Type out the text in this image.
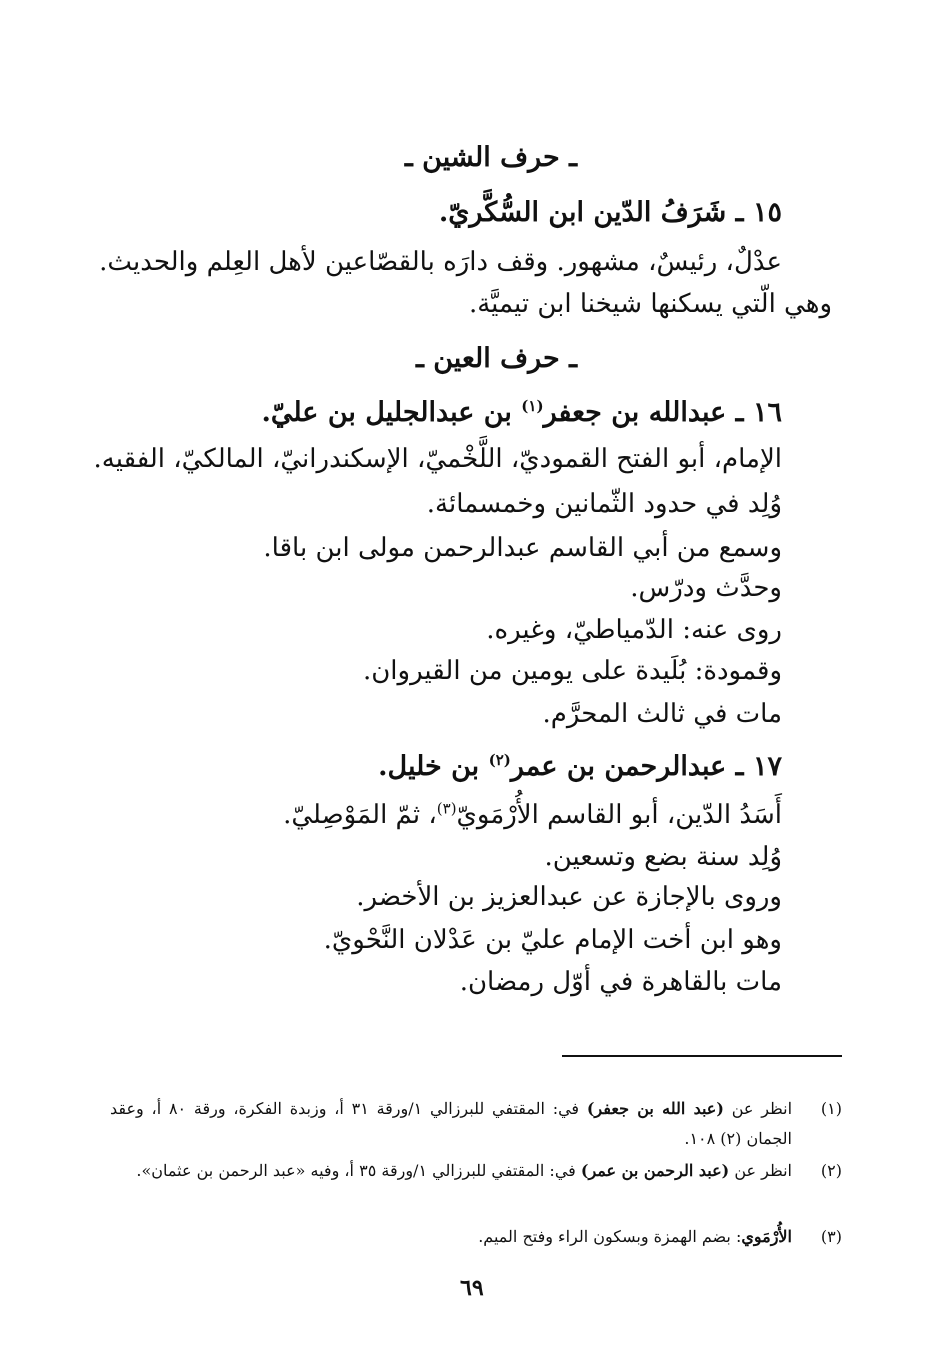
ـ حرف الشين ـ

١٥ ـ شَرَفُ الدّين ابن السُّكَّريّ.

عدْلٌ، رئيسٌ، مشهور. وقف دارَه بالقصّاعين لأهل العِلم والحديث.

وهي الّتي يسكنها شيخنا ابن تيميَّة.

ـ حرف العين ـ

١٦ ـ عبدالله بن جعفر$^{(١)}$ بن عبدالجليل بن عليّ.

الإمام، أبو الفتح القموديّ، اللَّخْميّ، الإسكندرانيّ، المالكيّ، الفقيه.

وُلِد في حدود الثّمانين وخمسمائة.

وسمع من أبي القاسم عبدالرحمن مولى ابن باقا.

وحدَّث ودرّس.

روى عنه: الدّمياطيّ، وغيره.

وقمودة: بُلَيدة على يومين من القيروان.

مات في ثالث المحرَّم.

١٧ ـ عبدالرحمن بن عمر$^{(٢)}$ بن خليل.

أَسَدُ الدّين، أبو القاسم الأُرْمَويّ$^{(٣)}$، ثمّ المَوْصِليّ.

وُلِد سنة بضع وتسعين.

وروى بالإجازة عن عبدالعزيز بن الأخضر.

وهو ابن أخت الإمام عليّ بن عَدْلان النَّحْويّ.

مات بالقاهرة في أوّل رمضان.

(١)
انظر عن (عبد الله بن جعفر) في: المقتفي للبرزالي ١/ورقة ٣١ أ، وزبدة الفكرة، ورقة ٨٠ أ، وعقد الجمان (٢) ١٠٨.
(٢)
انظر عن (عبد الرحمن بن عمر) في: المقتفي للبرزالي ١/ورقة ٣٥ أ، وفيه «عبد الرحمن بن عثمان».
(٣)
الأُرْمَوي: بضم الهمزة وبسكون الراء وفتح الميم.
٦٩
